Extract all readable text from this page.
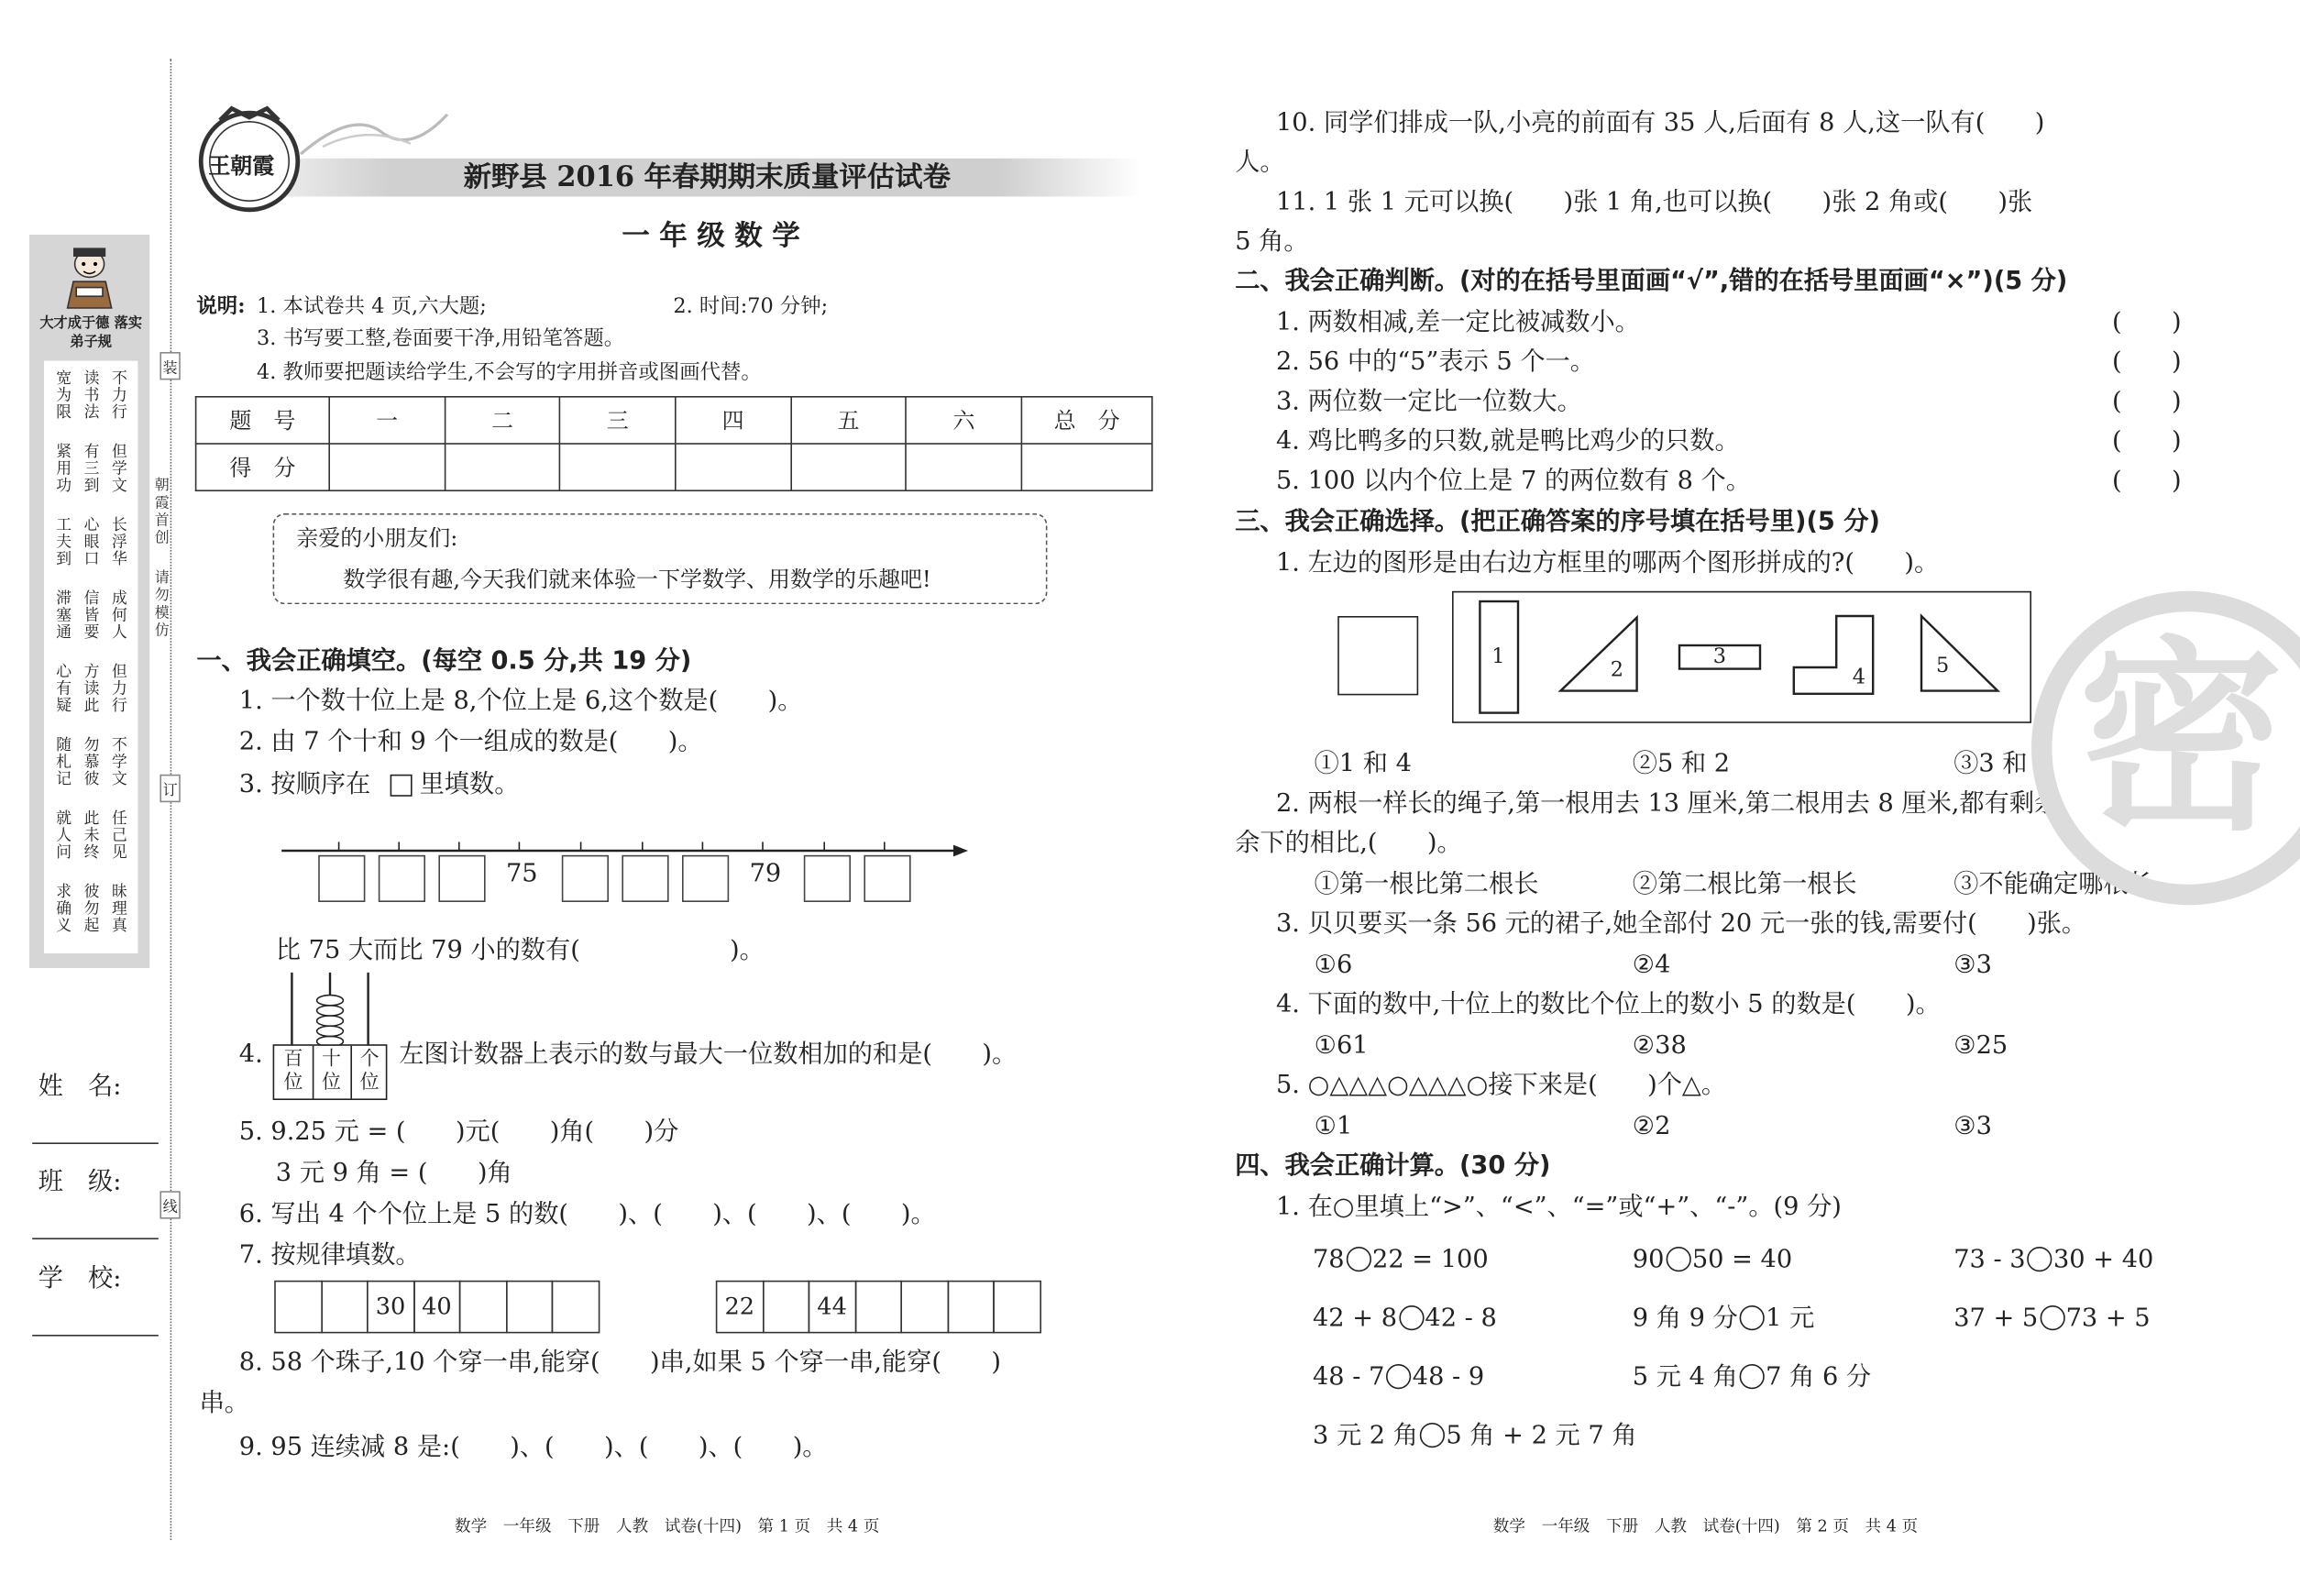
装
订
线
朝霞首创
请勿模仿
大才成于德 落实弟子规
宽为限 读书法 不力行
紧用功 有三到 但学文
工夫到 心眼口 长浮华
滞塞通 信皆要 成何人
心有疑 方读此 但力行
随札记 勿慕彼 不学文
就人问 此未终 任己见
求确义 彼勿起 昧理真
姓　名:
班　级:
学　校:
王朝霞	新野县 2016 年春期期末质量评估试卷
一 年 级 数 学
说明: 1. 本试卷共 4 页,六大题;	2. 时间:70 分钟;
3. 书写要工整,卷面要干净,用铅笔答题。
4. 教师要把题读给学生,不会写的字用拼音或图画代替。
题　号	一	二	三	四	五	六	总　分
得　分							
亲爱的小朋友们:
数学很有趣,今天我们就来体验一下学数学、用数学的乐趣吧!
一、我会正确填空。(每空 0.5 分,共 19 分)
1. 一个数十位上是 8,个位上是 6,这个数是(　　)。
2. 由 7 个十和 9 个一组成的数是(　　)。
3. 按顺序在	里填数。
75	79
比 75 大而比 79 小的数有(　　　　　　)。
4.	百位
十位
个位
左图计数器上表示的数与最大一位数相加的和是(　　)。
5. 9.25 元 = (　　)元(　　)角(　　)分
3 元 9 角 = (　　)角
6. 写出 4 个个位上是 5 的数(　　)、(　　)、(　　)、(　　)。
7. 按规律填数。
30	40	22	44
8. 58 个珠子,10 个穿一串,能穿(　　)串,如果 5 个穿一串,能穿(　　)
串。
9. 95 连续减 8 是:(　　)、(　　)、(　　)、(　　)。
数学　一年级　下册　人教　试卷(十四)　第 1 页　共 4 页
10. 同学们排成一队,小亮的前面有 35 人,后面有 8 人,这一队有(　　)
人。
11. 1 张 1 元可以换(　　)张 1 角,也可以换(　　)张 2 角或(　　)张
5 角。
二、我会正确判断。(对的在括号里面画“√”,错的在括号里面画“×”)(5 分)
1. 两数相减,差一定比被减数小。	(　　)
2. 56 中的“5”表示 5 个一。	(　　)
3. 两位数一定比一位数大。	(　　)
4. 鸡比鸭多的只数,就是鸭比鸡少的只数。	(　　)
5. 100 以内个位上是 7 的两位数有 8 个。	(　　)
三、我会正确选择。(把正确答案的序号填在括号里)(5 分)
1. 左边的图形是由右边方框里的哪两个图形拼成的?(　　)。
1
2
3
4	5
①1 和 4	②5 和 2	③3 和 4
2. 两根一样长的绳子,第一根用去 13 厘米,第二根用去 8 厘米,都有剩余,
余下的相比,(　　)。
①第一根比第二根长	②第二根比第一根长	③不能确定哪根长
3. 贝贝要买一条 56 元的裙子,她全部付 20 元一张的钱,需要付(　　)张。
①6	②4	③3
4. 下面的数中,十位上的数比个位上的数小 5 的数是(　　)。
①61	②38	③25
5. ○△△△○△△△○接下来是(　　)个△。
①1	②2	③3
四、我会正确计算。(30 分)
1. 在○里填上“>”、“<”、“=”或“+”、“-”。(9 分)
78 22 = 100	90 50 = 40	73 - 3 30 + 40
42 + 8 42 - 8	9 角 9 分 1 元	37 + 5 73 + 5
48 - 7 48 - 9	5 元 4 角 7 角 6 分
3 元 2 角 5 角 + 2 元 7 角
数学　一年级　下册　人教　试卷(十四)　第 2 页　共 4 页
密
